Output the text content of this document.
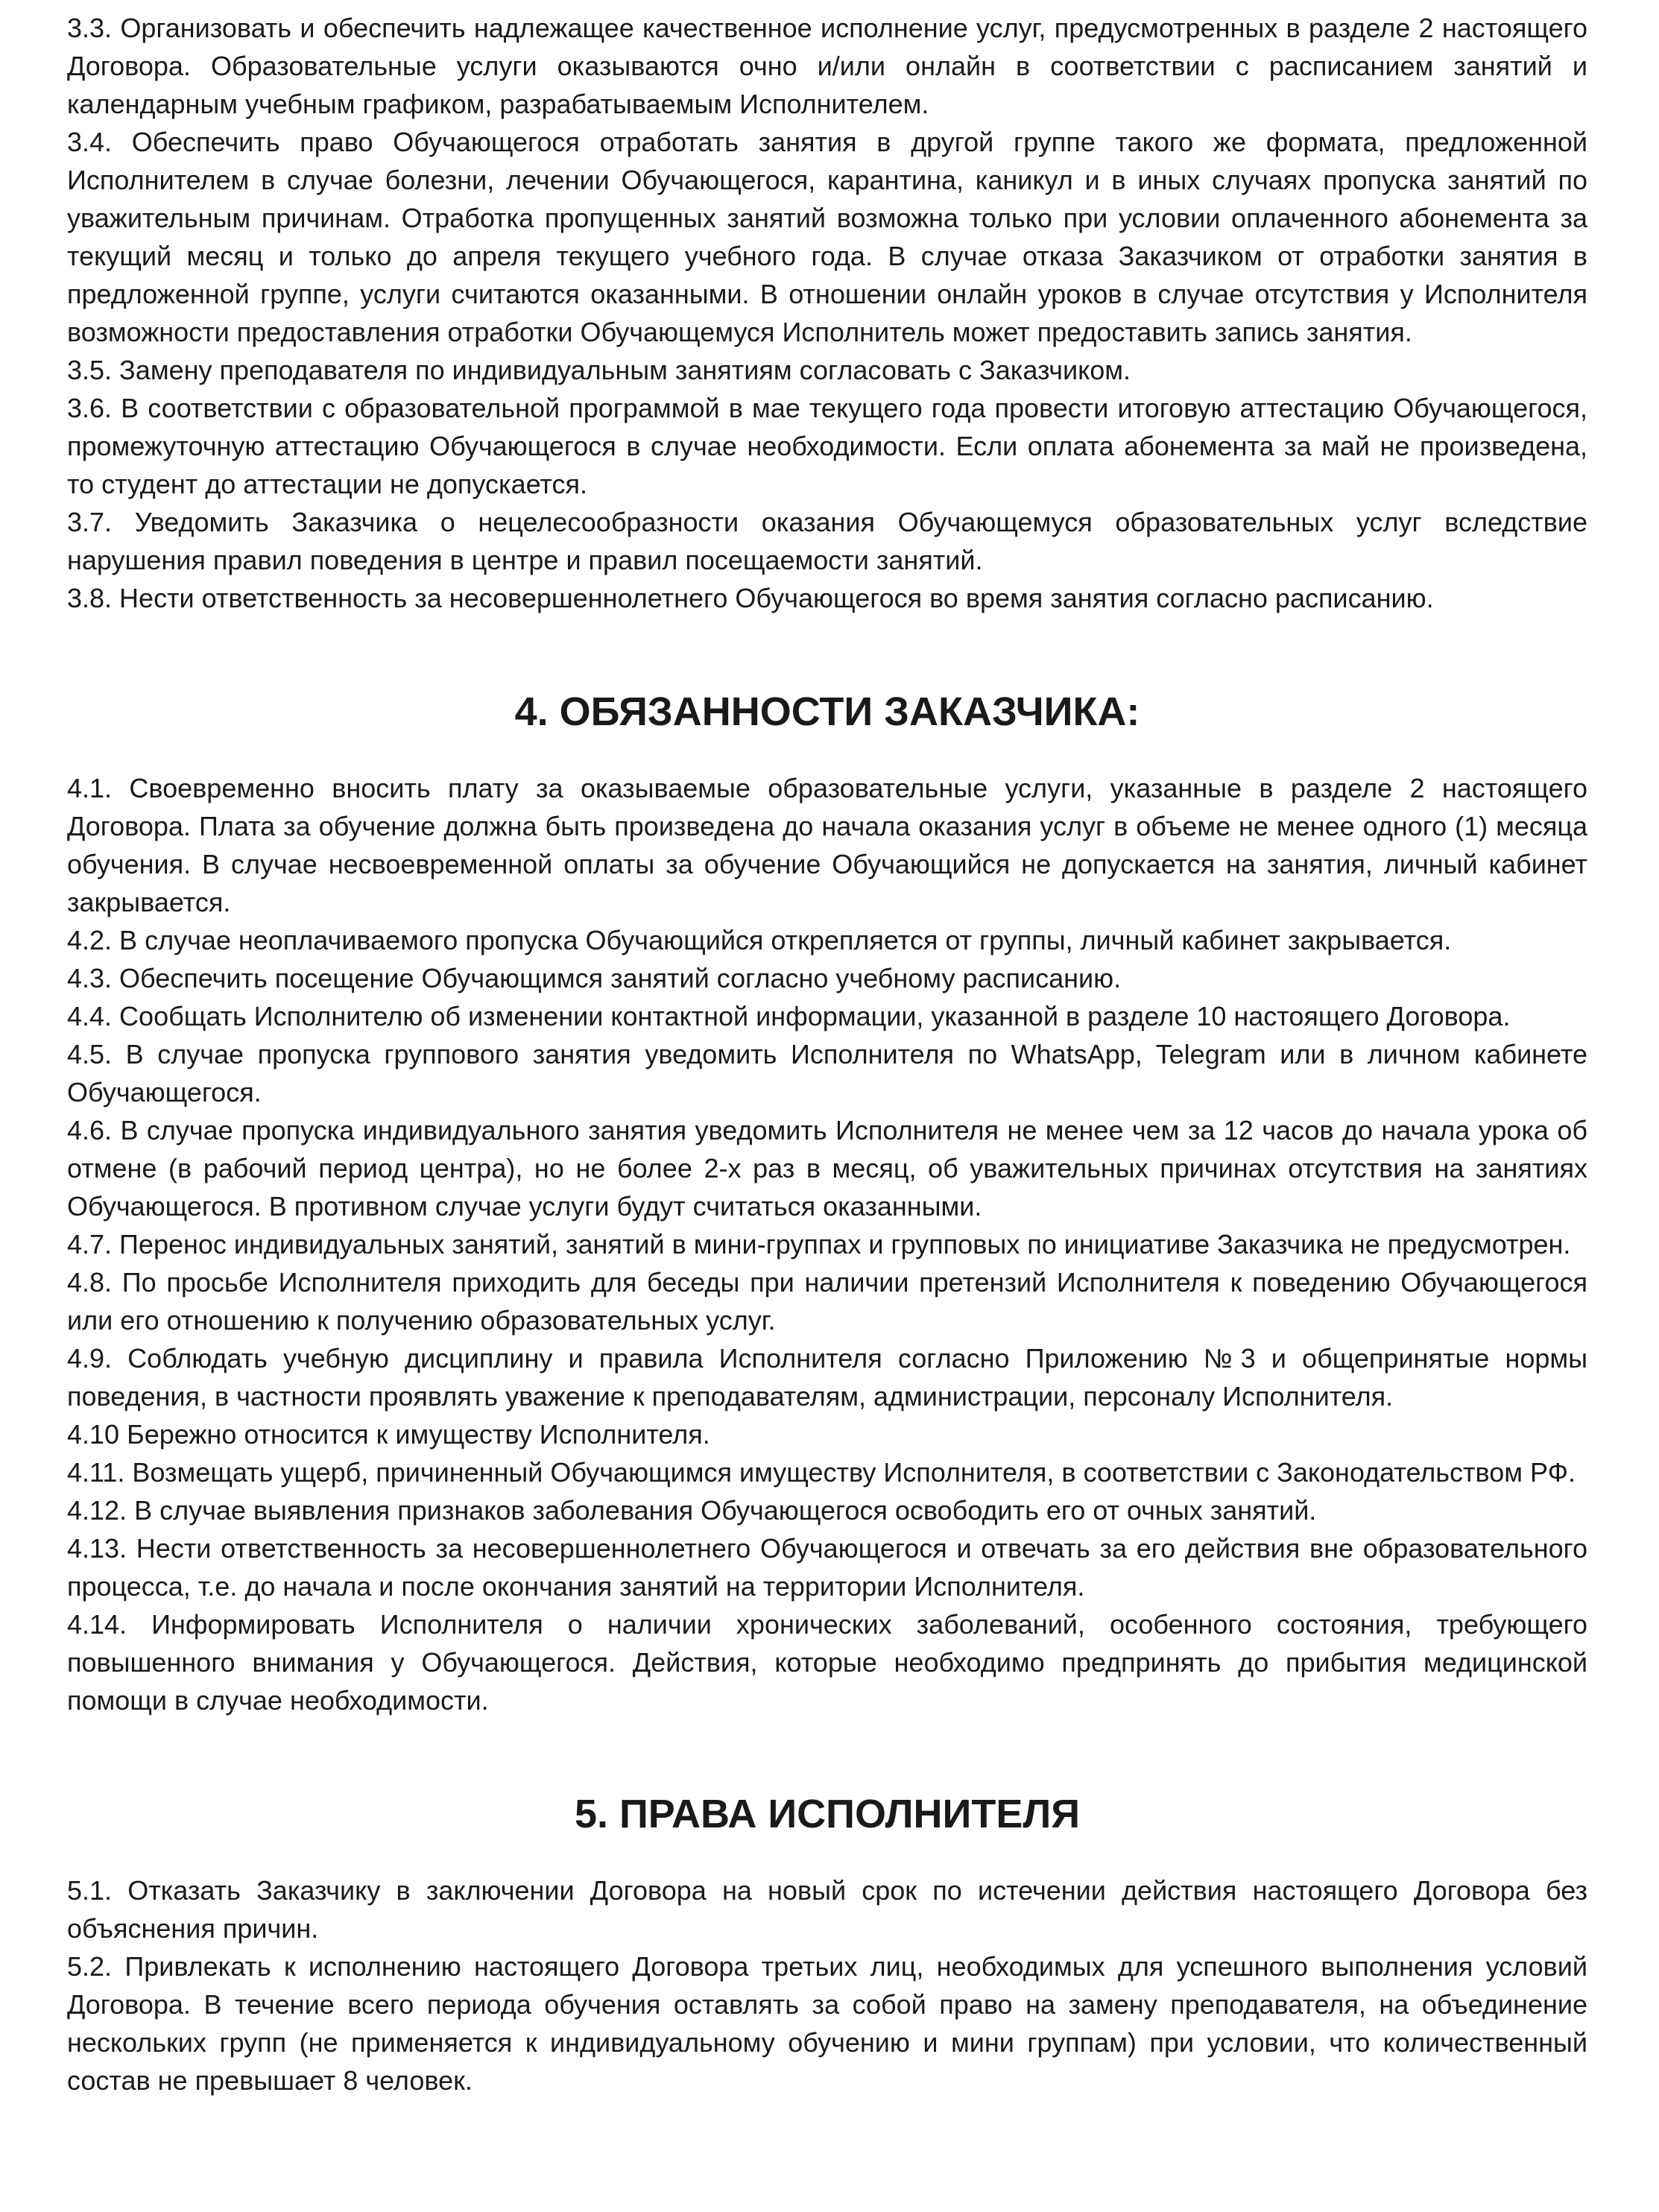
3.3. Организовать и обеспечить надлежащее качественное исполнение услуг, предусмотренных в разделе 2 настоящего Договора. Образовательные услуги оказываются очно и/или онлайн в соответствии с расписанием занятий и календарным учебным графиком, разрабатываемым Исполнителем.

3.4. Обеспечить право Обучающегося отработать занятия в другой группе такого же формата, предложенной Исполнителем в случае болезни, лечении Обучающегося, карантина, каникул и в иных случаях пропуска занятий по уважительным причинам. Отработка пропущенных занятий возможна только при условии оплаченного абонемента за текущий месяц и только до апреля текущего учебного года. В случае отказа Заказчиком от отработки занятия в предложенной группе, услуги считаются оказанными. В отношении онлайн уроков в случае отсутствия у Исполнителя возможности предоставления отработки Обучающемуся Исполнитель может предоставить запись занятия.

3.5. Замену преподавателя по индивидуальным занятиям согласовать с Заказчиком.

3.6. В соответствии с образовательной программой в мае текущего года провести итоговую аттестацию Обучающегося, промежуточную аттестацию Обучающегося в случае необходимости. Если оплата абонемента за май не произведена, то студент до аттестации не допускается.

3.7. Уведомить Заказчика о нецелесообразности оказания Обучающемуся образовательных услуг вследствие нарушения правил поведения в центре и правил посещаемости занятий.

3.8. Нести ответственность за несовершеннолетнего Обучающегося во время занятия согласно расписанию.

4. ОБЯЗАННОСТИ ЗАКАЗЧИКА:

4.1. Своевременно вносить плату за оказываемые образовательные услуги, указанные в разделе 2 настоящего Договора. Плата за обучение должна быть произведена до начала оказания услуг в объеме не менее одного (1) месяца обучения. В случае несвоевременной оплаты за обучение Обучающийся не допускается на занятия, личный кабинет закрывается.

4.2. В случае неоплачиваемого пропуска Обучающийся открепляется от группы, личный кабинет закрывается.

4.3. Обеспечить посещение Обучающимся занятий согласно учебному расписанию.

4.4. Сообщать Исполнителю об изменении контактной информации, указанной в разделе 10 настоящего Договора.

4.5. В случае пропуска группового занятия уведомить Исполнителя по WhatsApp, Telegram или в личном кабинете Обучающегося.

4.6. В случае пропуска индивидуального занятия уведомить Исполнителя не менее чем за 12 часов до начала урока об отмене (в рабочий период центра), но не более 2-х раз в месяц, об уважительных причинах отсутствия на занятиях Обучающегося. В противном случае услуги будут считаться оказанными.

4.7. Перенос индивидуальных занятий, занятий в мини-группах и групповых по инициативе Заказчика не предусмотрен.

4.8. По просьбе Исполнителя приходить для беседы при наличии претензий Исполнителя к поведению Обучающегося или его отношению к получению образовательных услуг.

4.9. Соблюдать учебную дисциплину и правила Исполнителя согласно Приложению №3 и общепринятые нормы поведения, в частности проявлять уважение к преподавателям, администрации, персоналу Исполнителя.

4.10 Бережно относится к имуществу Исполнителя.

4.11. Возмещать ущерб, причиненный Обучающимся имуществу Исполнителя, в соответствии с Законодательством РФ.

4.12. В случае выявления признаков заболевания Обучающегося освободить его от очных занятий.

4.13. Нести ответственность за несовершеннолетнего Обучающегося и отвечать за его действия вне образовательного процесса, т.е. до начала и после окончания занятий на территории Исполнителя.

4.14. Информировать Исполнителя о наличии хронических заболеваний, особенного состояния, требующего повышенного внимания у Обучающегося. Действия, которые необходимо предпринять до прибытия медицинской помощи в случае необходимости.

5. ПРАВА ИСПОЛНИТЕЛЯ

5.1. Отказать Заказчику в заключении Договора на новый срок по истечении действия настоящего Договора без объяснения причин.

5.2. Привлекать к исполнению настоящего Договора третьих лиц, необходимых для успешного выполнения условий Договора. В течение всего периода обучения оставлять за собой право на замену преподавателя, на объединение нескольких групп (не применяется к индивидуальному обучению и мини группам) при условии, что количественный состав не превышает 8 человек.
